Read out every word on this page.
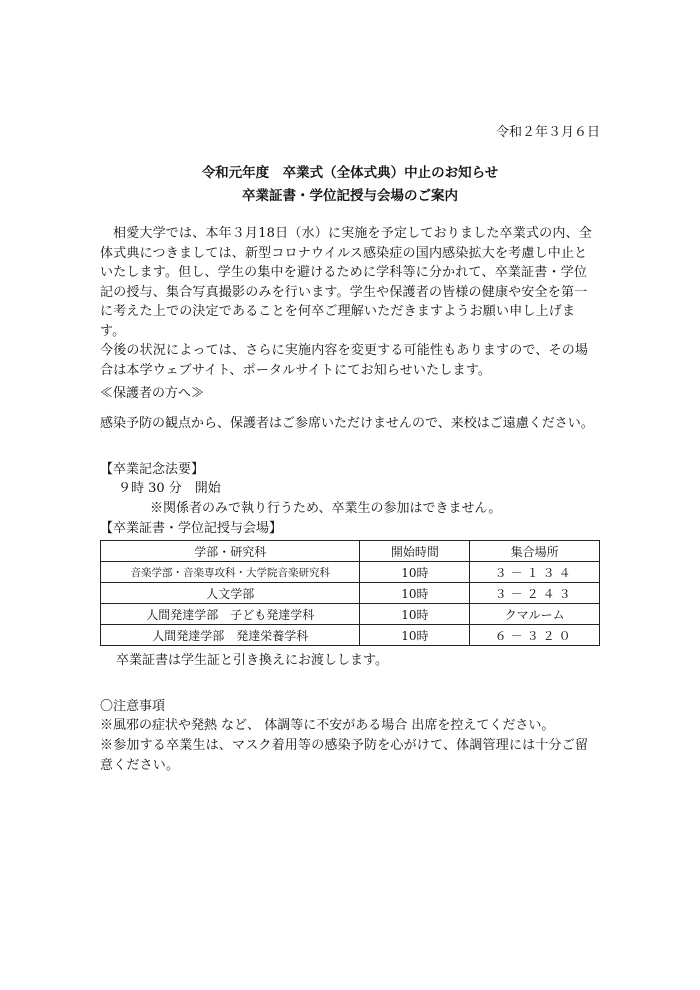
令和２年３月６日
令和元年度　卒業式（全体式典）中止のお知らせ
卒業証書・学位記授与会場のご案内

相愛大学では、本年３月18日（水）に実施を予定しておりました卒業式の内、全体式典につきましては、新型コロナウイルス感染症の国内感染拡大を考慮し中止といたします。但し、学生の集中を避けるために学科等に分かれて、卒業証書・学位記の授与、集合写真撮影のみを行います。学生や保護者の皆様の健康や安全を第一に考えた上での決定であることを何卒ご理解いただきますようお願い申し上げます。

今後の状況によっては、さらに実施内容を変更する可能性もありますので、その場合は本学ウェブサイト、ポータルサイトにてお知らせいたします。

≪保護者の方へ≫
感染予防の観点から、保護者はご参席いただけませんので、来校はご遠慮ください。
【卒業記念法要】
９時 30 分　開始
※関係者のみで執り行うため、卒業生の参加はできません。
【卒業証書・学位記授与会場】
学部・研究科	開始時間	集合場所
音楽学部・音楽専攻科・大学院音楽研究科	10時	３－１３４
人文学部	10時	３－２４３
人間発達学部　子ども発達学科	10時	クマルーム
人間発達学部　発達栄養学科	10時	６－３２０
卒業証書は学生証と引き換えにお渡しします。
〇注意事項
※風邪の症状や発熱 など、 体調等に不安がある場合 出席を控えてください。

※参加する卒業生は、マスク着用等の感染予防を心がけて、体調管理には十分ご留意ください。
